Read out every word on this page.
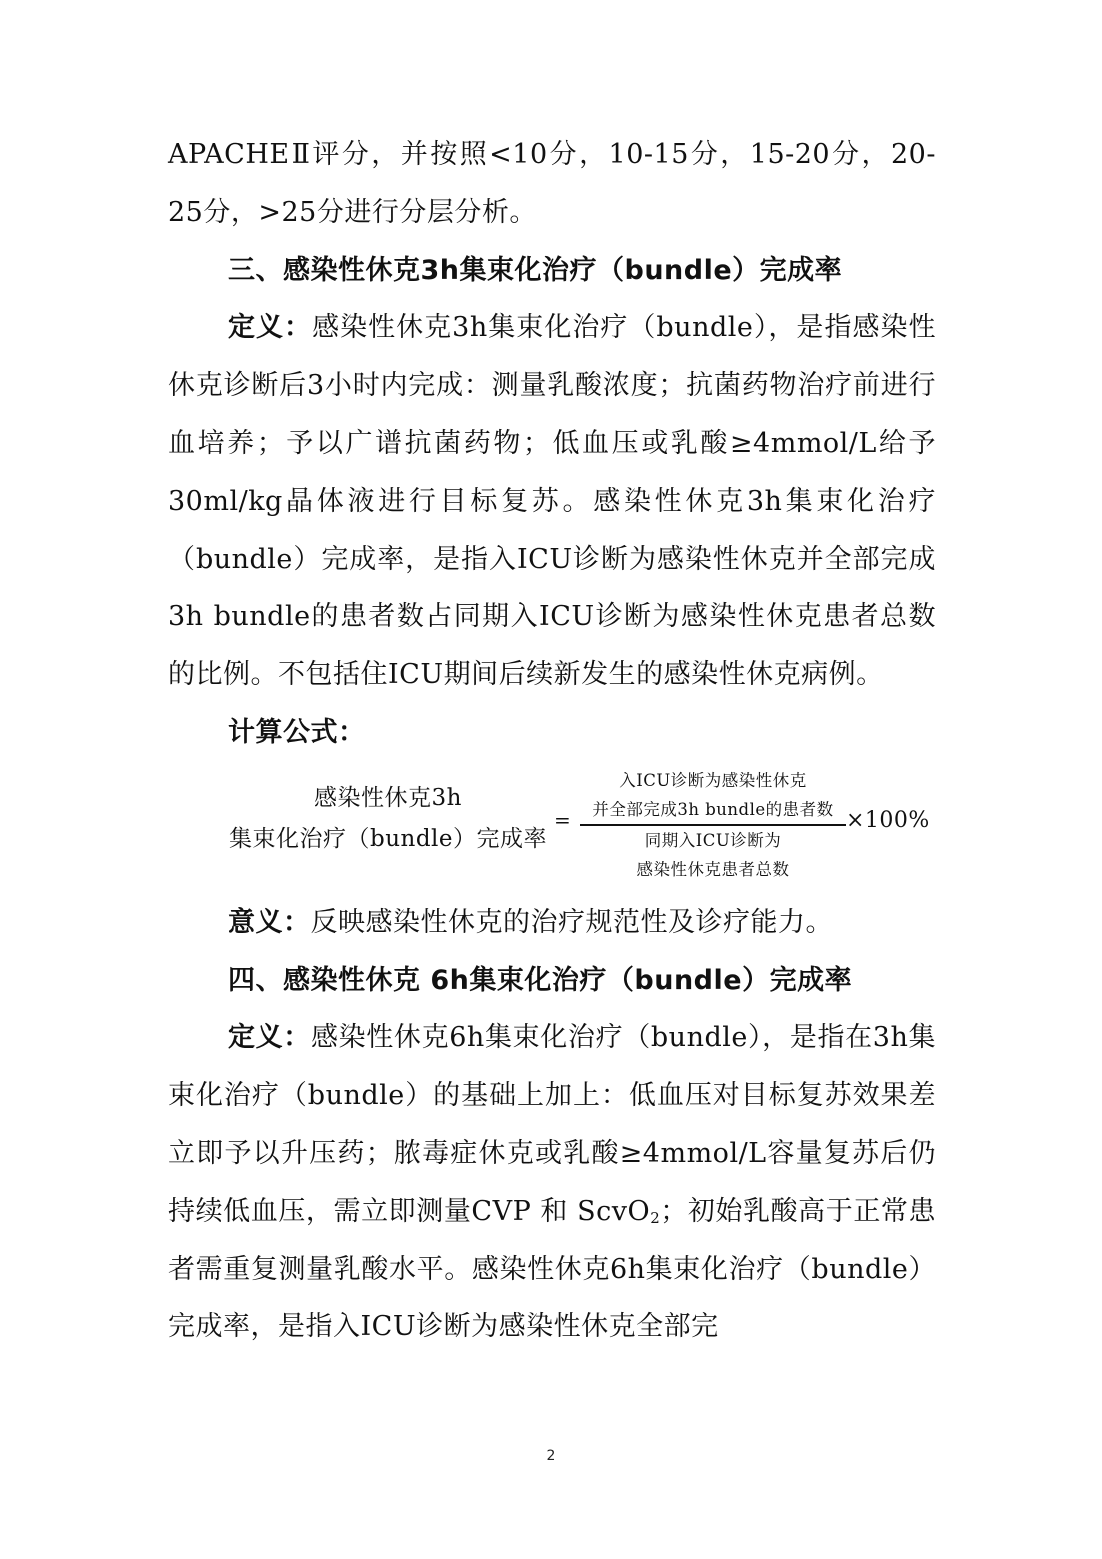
APACHEⅡ评分，并按照<10分，10-15分，15-20分，20-25分，>25分进行分层分析。

三、感染性休克3h集束化治疗（bundle）完成率

定义：感染性休克3h集束化治疗（bundle），是指感染性休克诊断后3小时内完成：测量乳酸浓度；抗菌药物治疗前进行血培养；予以广谱抗菌药物；低血压或乳酸≥4mmol/L给予30ml/kg晶体液进行目标复苏。感染性休克3h集束化治疗（bundle）完成率，是指入ICU诊断为感染性休克并全部完成3h bundle的患者数占同期入ICU诊断为感染性休克患者总数的比例。不包括住ICU期间后续新发生的感染性休克病例。

计算公式：

感染性休克3h
集束化治疗（bundle）完成率
=
入ICU诊断为感染性休克
并全部完成3h bundle的患者数
同期入ICU诊断为
感染性休克患者总数
×100%

意义：反映感染性休克的治疗规范性及诊疗能力。

四、感染性休克 6h集束化治疗（bundle）完成率

定义：感染性休克6h集束化治疗（bundle），是指在3h集束化治疗（bundle）的基础上加上：低血压对目标复苏效果差立即予以升压药；脓毒症休克或乳酸≥4mmol/L容量复苏后仍持续低血压，需立即测量CVP 和 ScvO$_2$；初始乳酸高于正常患者需重复测量乳酸水平。感染性休克6h集束化治疗（bundle）完成率，是指入ICU诊断为感染性休克全部完

2
